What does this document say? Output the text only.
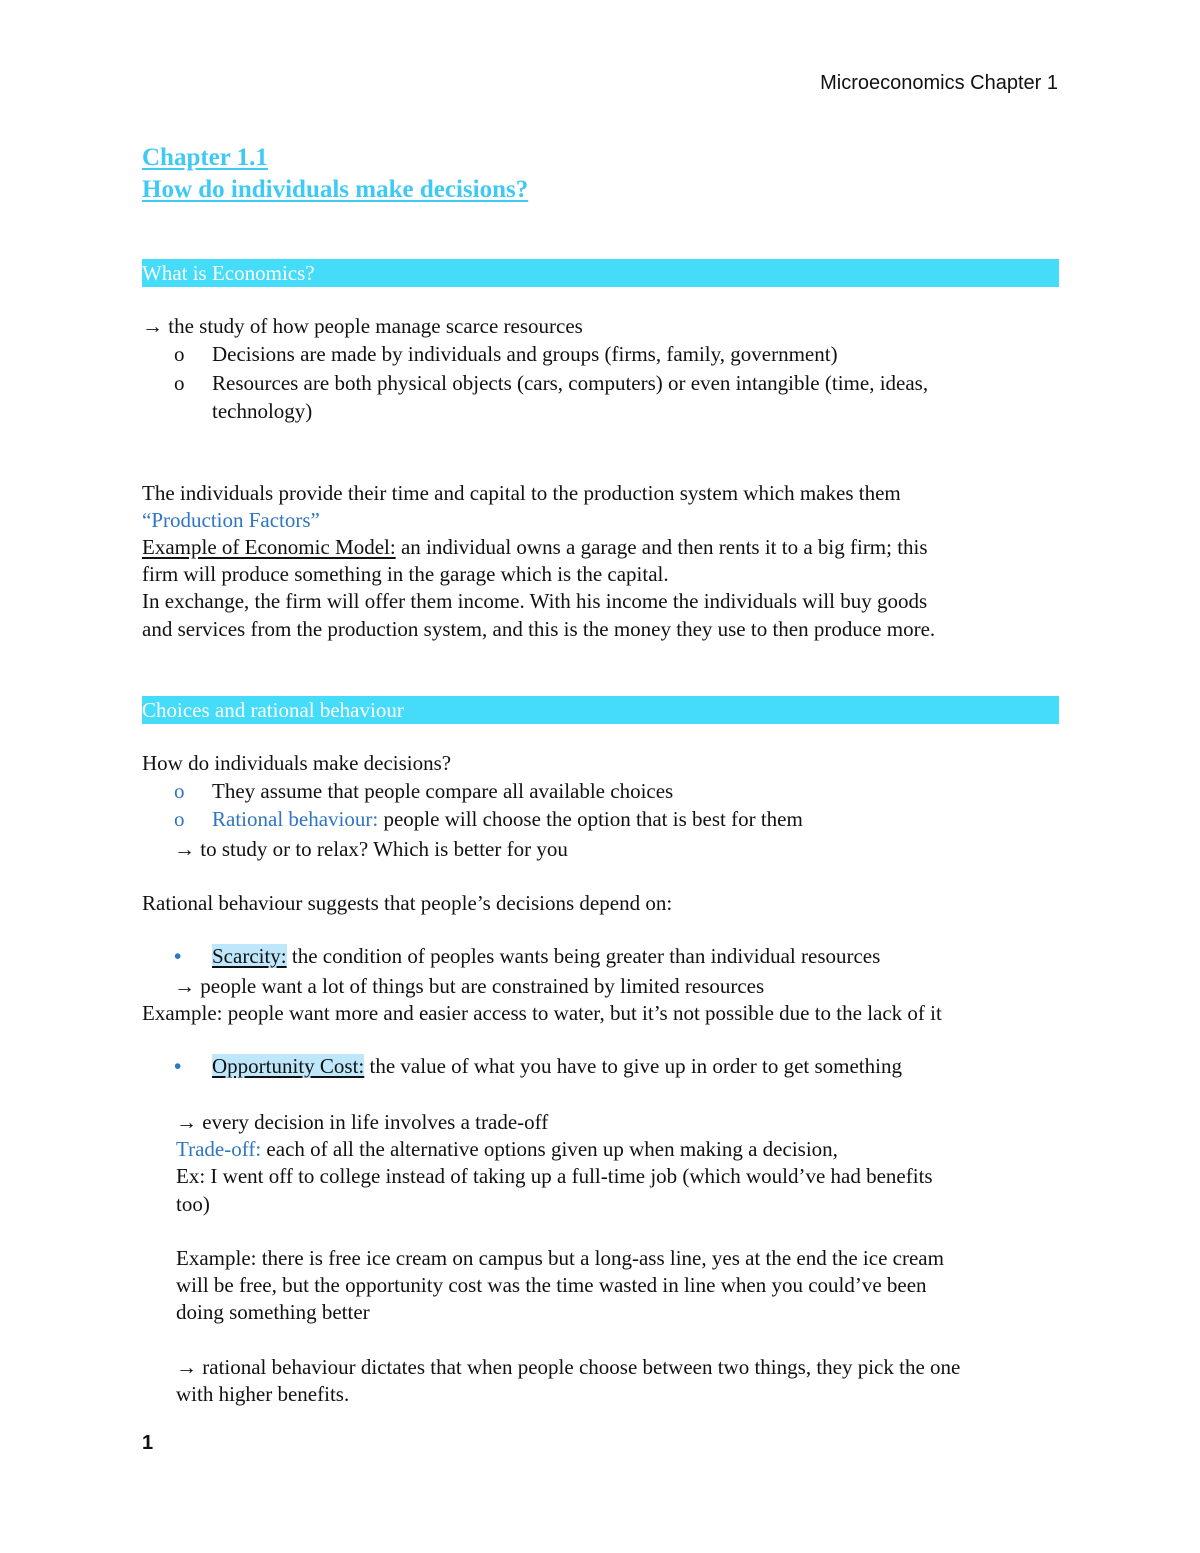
Microeconomics Chapter 1
Chapter 1.1
How do individuals make decisions?
What is Economics?
→ the study of how people manage scarce resources
o Decisions are made by individuals and groups (firms, family, government)
o Resources are both physical objects (cars, computers) or even intangible (time, ideas,
technology)
The individuals provide their time and capital to the production system which makes them
“Production Factors”
Example of Economic Model: an individual owns a garage and then rents it to a big firm; this
firm will produce something in the garage which is the capital.
In exchange, the firm will offer them income. With his income the individuals will buy goods
and services from the production system, and this is the money they use to then produce more.
Choices and rational behaviour
How do individuals make decisions?
o They assume that people compare all available choices
o Rational behaviour: people will choose the option that is best for them
→ to study or to relax? Which is better for you
Rational behaviour suggests that people’s decisions depend on:
• Scarcity: the condition of peoples wants being greater than individual resources
→ people want a lot of things but are constrained by limited resources
Example: people want more and easier access to water, but it’s not possible due to the lack of it
• Opportunity Cost: the value of what you have to give up in order to get something
→ every decision in life involves a trade-off
Trade-off: each of all the alternative options given up when making a decision,
Ex: I went off to college instead of taking up a full-time job (which would’ve had benefits
too)
Example: there is free ice cream on campus but a long-ass line, yes at the end the ice cream
will be free, but the opportunity cost was the time wasted in line when you could’ve been
doing something better
→ rational behaviour dictates that when people choose between two things, they pick the one
with higher benefits.
1
